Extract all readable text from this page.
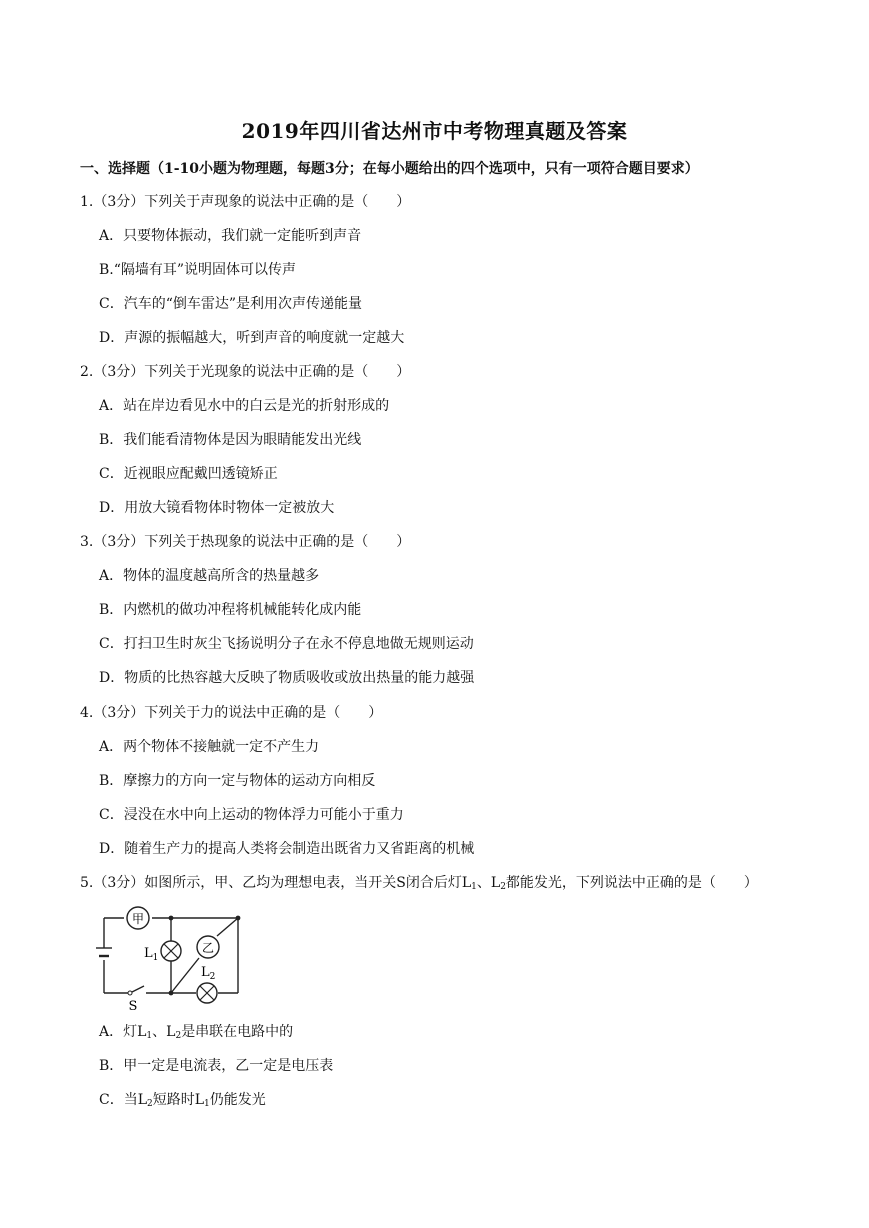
2019年四川省达州市中考物理真题及答案
一、选择题（1-10小题为物理题，每题3分；在每小题给出的四个选项中，只有一项符合题目要求）
1.（3分）下列关于声现象的说法中正确的是（　　）
A．只要物体振动，我们就一定能听到声音
B.“隔墙有耳”说明固体可以传声
C．汽车的“倒车雷达”是利用次声传递能量
D．声源的振幅越大，听到声音的响度就一定越大
2.（3分）下列关于光现象的说法中正确的是（　　）
A．站在岸边看见水中的白云是光的折射形成的
B．我们能看清物体是因为眼睛能发出光线
C．近视眼应配戴凹透镜矫正
D．用放大镜看物体时物体一定被放大
3.（3分）下列关于热现象的说法中正确的是（　　）
A．物体的温度越高所含的热量越多
B．内燃机的做功冲程将机械能转化成内能
C．打扫卫生时灰尘飞扬说明分子在永不停息地做无规则运动
D．物质的比热容越大反映了物质吸收或放出热量的能力越强
4.（3分）下列关于力的说法中正确的是（　　）
A．两个物体不接触就一定不产生力
B．摩擦力的方向一定与物体的运动方向相反
C．浸没在水中向上运动的物体浮力可能小于重力
D．随着生产力的提高人类将会制造出既省力又省距离的机械
5.（3分）如图所示，甲、乙均为理想电表，当开关S闭合后灯$L_1$、$L_2$都能发光，下列说法中正确的是（　　）
甲
$L_1$
乙
$L_2$
S
A．灯$L_1$、$L_2$是串联在电路中的
B．甲一定是电流表，乙一定是电压表
C．当$L_2$短路时$L_1$仍能发光
